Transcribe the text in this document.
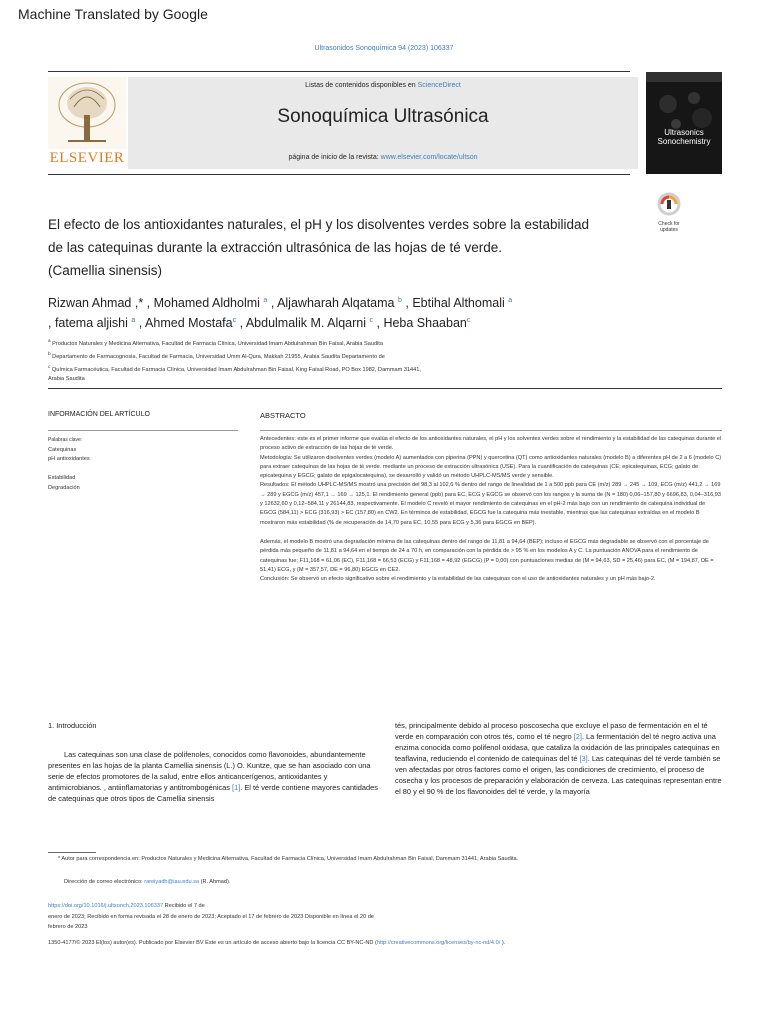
Machine Translated by Google
Ultrasonidos Sonoquímica 94 (2023) 106337
ELSEVIER
Listas de contenidos disponibles en ScienceDirect
Sonoquímica Ultrasónica
página de inicio de la revista: www.elsevier.com/locate/ultson
Ultrasonics
Sonochemistry
Check for
updates
El efecto de los antioxidantes naturales, el pH y los disolventes verdes sobre la estabilidad
de las catequinas durante la extracción ultrasónica de las hojas de té verde.
(Camellia sinensis)
Rizwan Ahmad ,* , Mohamed Aldholmi $^a$ , Aljawharah Alqatama $^b$ , Ebtihal Althomali $^a$
, fatema aljishi $^a$ , Ahmed Mostafa$^c$ , Abdulmalik M. Alqarni $^c$ , Heba Shaaban$^c$
$^a$ Productos Naturales y Medicina Alternativa, Facultad de Farmacia Clínica, Universidad Imam Abdulrahman Bin Faisal, Arabia Saudita
$^b$ Departamento de Farmacognosia, Facultad de Farmacia, Universidad Umm Al-Qura, Makkah 21955, Arabia Saudita Departamento de
$^c$ Química Farmacéutica, Facultad de Farmacia Clínica, Universidad Imam Abdulrahman Bin Faisal, King Faisal Road, PO Box 1982, Dammam 31441,
Arabia Saudita
INFORMACIÓN DEL ARTÍCULO	ABSTRACTO
Palabras clave:
Catequinas
pH antioxidantes

Estabilidad
Degradación

Antecedentes: este es el primer informe que evalúa el efecto de los antioxidantes naturales, el pH y los solventes verdes sobre el rendimiento y la estabilidad de las catequinas durante el proceso activo de extracción de las hojas de té verde.

Metodología: Se utilizaron disolventes verdes (modelo A) aumentados con piperina (PPN) y quercetina (QT) como antioxidantes naturales (modelo B) a diferentes pH de 2 a 6 (modelo C) para extraer catequinas de las hojas de té verde. mediante un proceso de extracción ultrasónica (USE). Para la cuantificación de catequinas (CE; epicatequinas, ECG; galato de epicatequina y EGCG; galato de epigalocatequina), se desarrolló y validó un método UHPLC-MS/MS verde y sensible.

Resultados: El método UHPLC-MS/MS mostró una precisión del 98,3 al 102,6 % dentro del rango de linealidad de 1 a 500 ppb para CE (m/z) 289 → 245 → 109, ECG (m/z) 441,2 → 169 → 289 y EGCG (m/z) 457,1 → 169 → 125,1. El rendimiento general (ppb) para EC, ECG y EGCG se observó con los rangos y la suma de (N = 180) 0,06–157,80 y 6696,83, 0,04–316,93 y 12632,60 y 0,12–584,11 y 26144,83, respectivamente. El modelo C reveló el mayor rendimiento de catequinas en el pH-2 más bajo con un rendimiento de catequina individual de EGCG (584,11) > ECG (316,93) > EC (157,80) en CW2. En términos de estabilidad, EGCG fue la catequina más inestable, mientras que las catequinas extraídas en el modelo B mostraron más estabilidad (% de recuperación de 14,70 para EC, 10,55 para ECG y 5,36 para EGCG en BEP).

Además, el modelo B mostró una degradación mínima de las catequinas dentro del rango de 11,81 a 94,64 (BEP); incluso el EGCG más degradable se observó con el porcentaje de pérdida más pequeño de 11,81 a 94,64 en el tiempo de 24 a 70 h, en comparación con la pérdida de > 95 % en los modelos A y C. La puntuación ANOVA para el rendimiento de catequinas fue; F11,168 = 61,06 (EC), F11,168 = 66,53 (ECG) y F11,168 = 48,92 (EGCG) (P = 0,00) con puntuaciones medias de (M = 94,63, SD = 25,46) para EC, (M = 194,87, DE = 51,41) ECG, y (M = 357,57, DE = 96,80) EGCG en CE2.

Conclusión: Se observó un efecto significativo sobre el rendimiento y la estabilidad de las catequinas con el uso de antioxidantes naturales y un pH más bajo-2.

1. Introducción

Las catequinas son una clase de polifenoles, conocidos como flavonoides, abundantemente presentes en las hojas de la planta Camellia sinensis (L.) O. Kuntze, que se han asociado con una serie de efectos promotores de la salud, entre ellos anticancerígenos, antioxidantes y antimicrobianos. , antiinflamatorias y antitrombogénicas [1]. El té verde contiene mayores cantidades de catequinas que otros tipos de Camellia sinensis

tés, principalmente debido al proceso poscosecha que excluye el paso de fermentación en el té verde en comparación con otros tés, como el té negro [2]. La fermentación del té negro activa una enzima conocida como polifenol oxidasa, que cataliza la oxidación de las principales catequinas en teaflavina, reduciendo el contenido de catequinas del té [3]. Las catequinas del té verde también se ven afectadas por otros factores como el origen, las condiciones de crecimiento, el proceso de cosecha y los procesos de preparación y elaboración de cerveza. Las catequinas representan entre el 80 y el 90 % de los flavonoides del té verde, y la mayoría

* Autor para correspondencia en: Productos Naturales y Medicina Alternativa, Facultad de Farmacia Clínica, Universidad Imam Abdulrahman Bin Faisal, Dammam 31441, Arabia Saudita.
Dirección de correo electrónico: rareiyadh@iau.edu.sa (R. Ahmad).
https://doi.org/10.1016/j.ultsonch.2023.106337 Recibido el 7 de
enero de 2023; Recibido en forma revisada el 28 de enero de 2023; Aceptado el 17 de febrero de 2023 Disponible en línea el 20 de
febrero de 2023
1350-4177/© 2023 El(los) autor(es). Publicado por Elsevier BV Este es un artículo de acceso abierto bajo la licencia CC BY-NC-ND (http://creativecommons.org/licenses/by-nc-nd/4.0/ ).
